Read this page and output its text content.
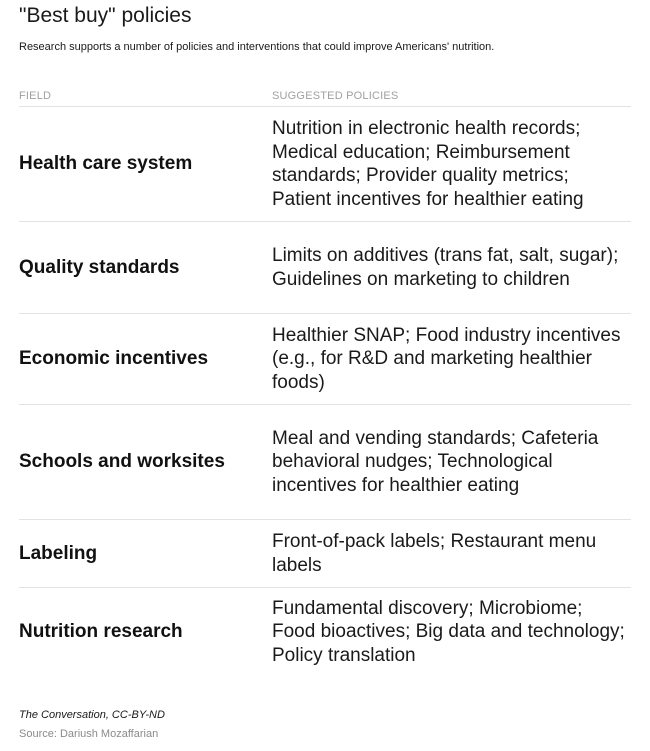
"Best buy" policies
Research supports a number of policies and interventions that could improve Americans' nutrition.
FIELD	SUGGESTED POLICIES
Health care system
Nutrition in electronic health records; Medical education; Reimbursement standards; Provider quality metrics; Patient incentives for healthier eating
Quality standards
Limits on additives (trans fat, salt, sugar); Guidelines on marketing to children
Economic incentives
Healthier SNAP; Food industry incentives (e.g., for R&D and marketing healthier foods)
Schools and worksites
Meal and vending standards; Cafeteria behavioral nudges; Technological incentives for healthier eating
Labeling
Front-of-pack labels; Restaurant menu labels
Nutrition research
Fundamental discovery; Microbiome; Food bioactives; Big data and technology; Policy translation
The Conversation, CC-BY-ND
Source: Dariush Mozaffarian
